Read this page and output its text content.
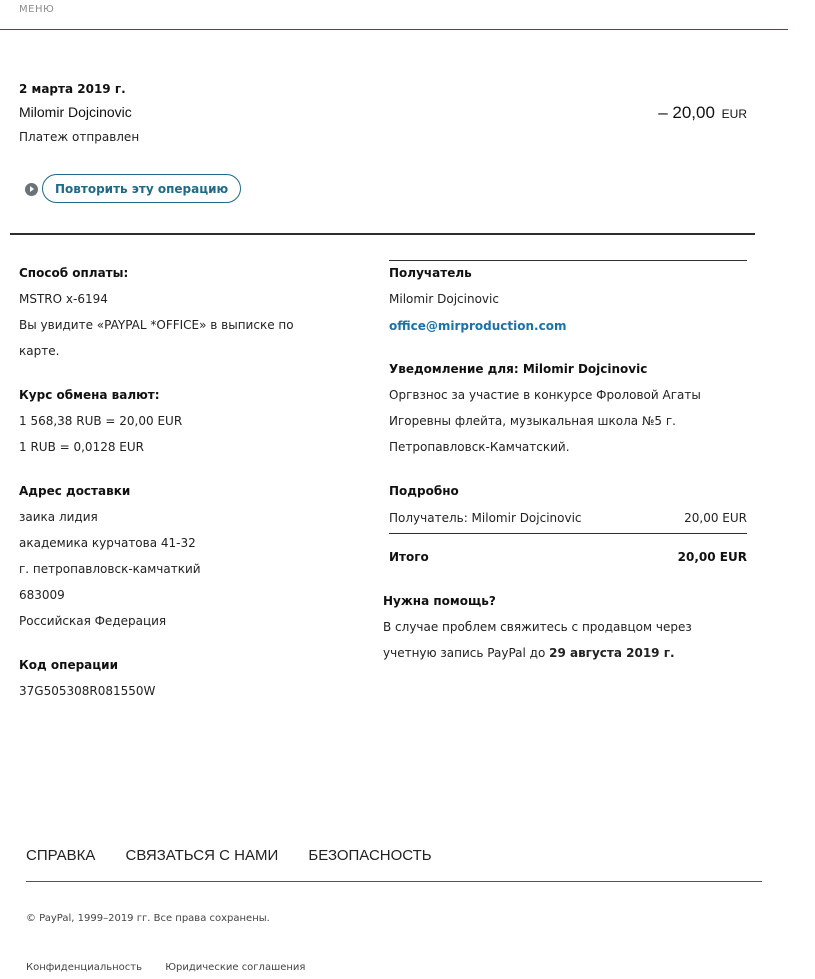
МЕНЮ
2 марта 2019 г.
Milomir Dojcinovic
Платеж отправлен
– 20,00 EUR
Повторить эту операцию
Способ оплаты:
MSTRO x-6194
Вы увидите «PAYPAL *OFFICE» в выписке по
карте.
Курс обмена валют:
1 568,38 RUB = 20,00 EUR
1 RUB = 0,0128 EUR
Адрес доставки
заика лидия
академика курчатова 41-32
г. петропавловск-камчаткий
683009
Российская Федерация
Код операции
37G505308R081550W
Получатель
Milomir Dojcinovic
office@mirproduction.com
Уведомление для: Milomir Dojcinovic
Оргвзнос за участие в конкурсе Фроловой Агаты
Игоревны флейта, музыкальная школа №5 г.
Петропавловск-Камчатский.
Подробно
Получатель: Milomir Dojcinovic	20,00 EUR
Итого	20,00 EUR
Нужна помощь?
В случае проблем свяжитесь с продавцом через
учетную запись PayPal до 29 августа 2019 г.
СПРАВКА СВЯЗАТЬСЯ С НАМИ БЕЗОПАСНОСТЬ
© PayPal, 1999–2019 гг. Все права сохранены.
Конфиденциальность Юридические соглашения
